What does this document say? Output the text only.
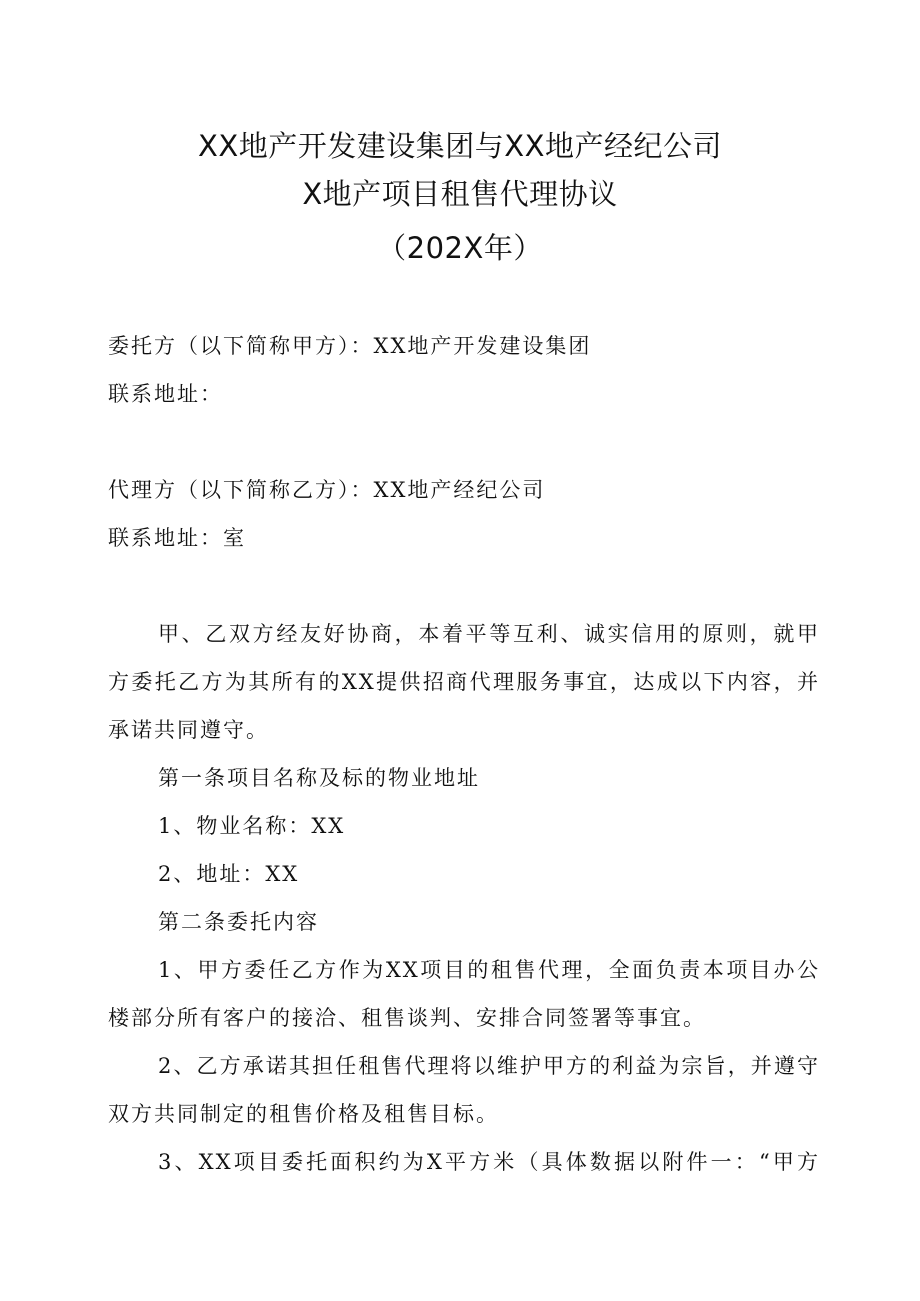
XX地产开发建设集团与XX地产经纪公司
X地产项目租售代理协议
（202X年）
委托方（以下简称甲方）：XX地产开发建设集团
联系地址：
代理方（以下简称乙方）：XX地产经纪公司
联系地址：室
甲、乙双方经友好协商，本着平等互利、诚实信用的原则，就甲
方委托乙方为其所有的XX提供招商代理服务事宜，达成以下内容，并
承诺共同遵守。
第一条项目名称及标的物业地址
1、物业名称：XX
2、地址：XX
第二条委托内容
1、甲方委任乙方作为XX项目的租售代理，全面负责本项目办公
楼部分所有客户的接洽、租售谈判、安排合同签署等事宜。
2、乙方承诺其担任租售代理将以维护甲方的利益为宗旨，并遵守
双方共同制定的租售价格及租售目标。
3、XX项目委托面积约为X平方米（具体数据以附件一：“甲方
